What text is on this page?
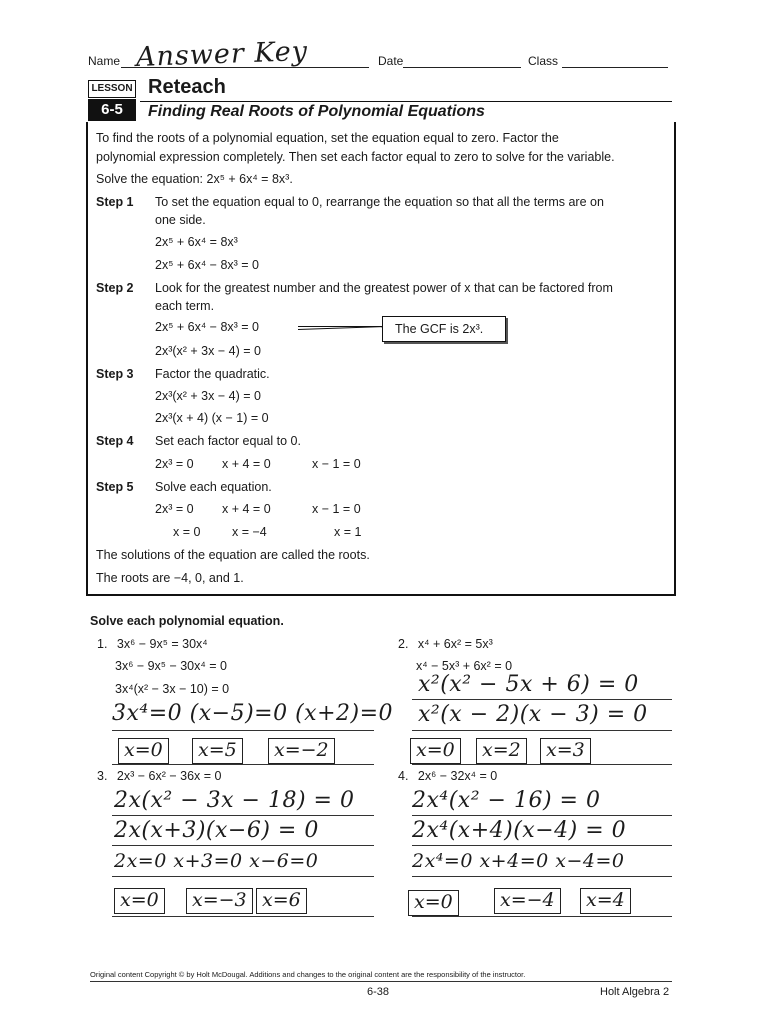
Name Answer Key	Date	Class
LESSON
6-5
Reteach
Finding Real Roots of Polynomial Equations
To find the roots of a polynomial equation, set the equation equal to zero. Factor the
polynomial expression completely. Then set each factor equal to zero to solve for the variable.
Solve the equation: 2x⁵ + 6x⁴ = 8x³.
Step 1 To set the equation equal to 0, rearrange the equation so that all the terms are on
one side.
2x⁵ + 6x⁴ = 8x³
2x⁵ + 6x⁴ − 8x³ = 0
Step 2 Look for the greatest number and the greatest power of x that can be factored from
each term.
2x⁵ + 6x⁴ − 8x³ = 0	The GCF is 2x³.
2x³(x² + 3x − 4) = 0
Step 3 Factor the quadratic.
2x³(x² + 3x − 4) = 0
2x³(x + 4) (x − 1) = 0
Step 4 Set each factor equal to 0.
2x³ = 0 x + 4 = 0	x − 1 = 0
Step 5 Solve each equation.
2x³ = 0 x + 4 = 0	x − 1 = 0
x = 0	x = −4	x = 1
The solutions of the equation are called the roots.
The roots are −4, 0, and 1.
Solve each polynomial equation.
1. 3x⁶ − 9x⁵ = 30x⁴
3x⁶ − 9x⁵ − 30x⁴ = 0
3x⁴(x² − 3x − 10) = 0
3x⁴=0 (x−5)=0 (x+2)=0
x=0	x=5	x=−2
2. x⁴ + 6x² = 5x³
x⁴ − 5x³ + 6x² = 0
x²(x² − 5x + 6) = 0
x²(x − 2)(x − 3) = 0
x=0	x=2	x=3
3. 2x³ − 6x² − 36x = 0
2x(x² − 3x − 18) = 0
2x(x+3)(x−6) = 0
2x=0 x+3=0 x−6=0
x=0	x=−3 x=6
4. 2x⁶ − 32x⁴ = 0
2x⁴(x² − 16) = 0
2x⁴(x+4)(x−4) = 0
2x⁴=0 x+4=0 x−4=0
x=0	x=−4	x=4
Original content Copyright © by Holt McDougal. Additions and changes to the original content are the responsibility of the instructor.
6-38	Holt Algebra 2
